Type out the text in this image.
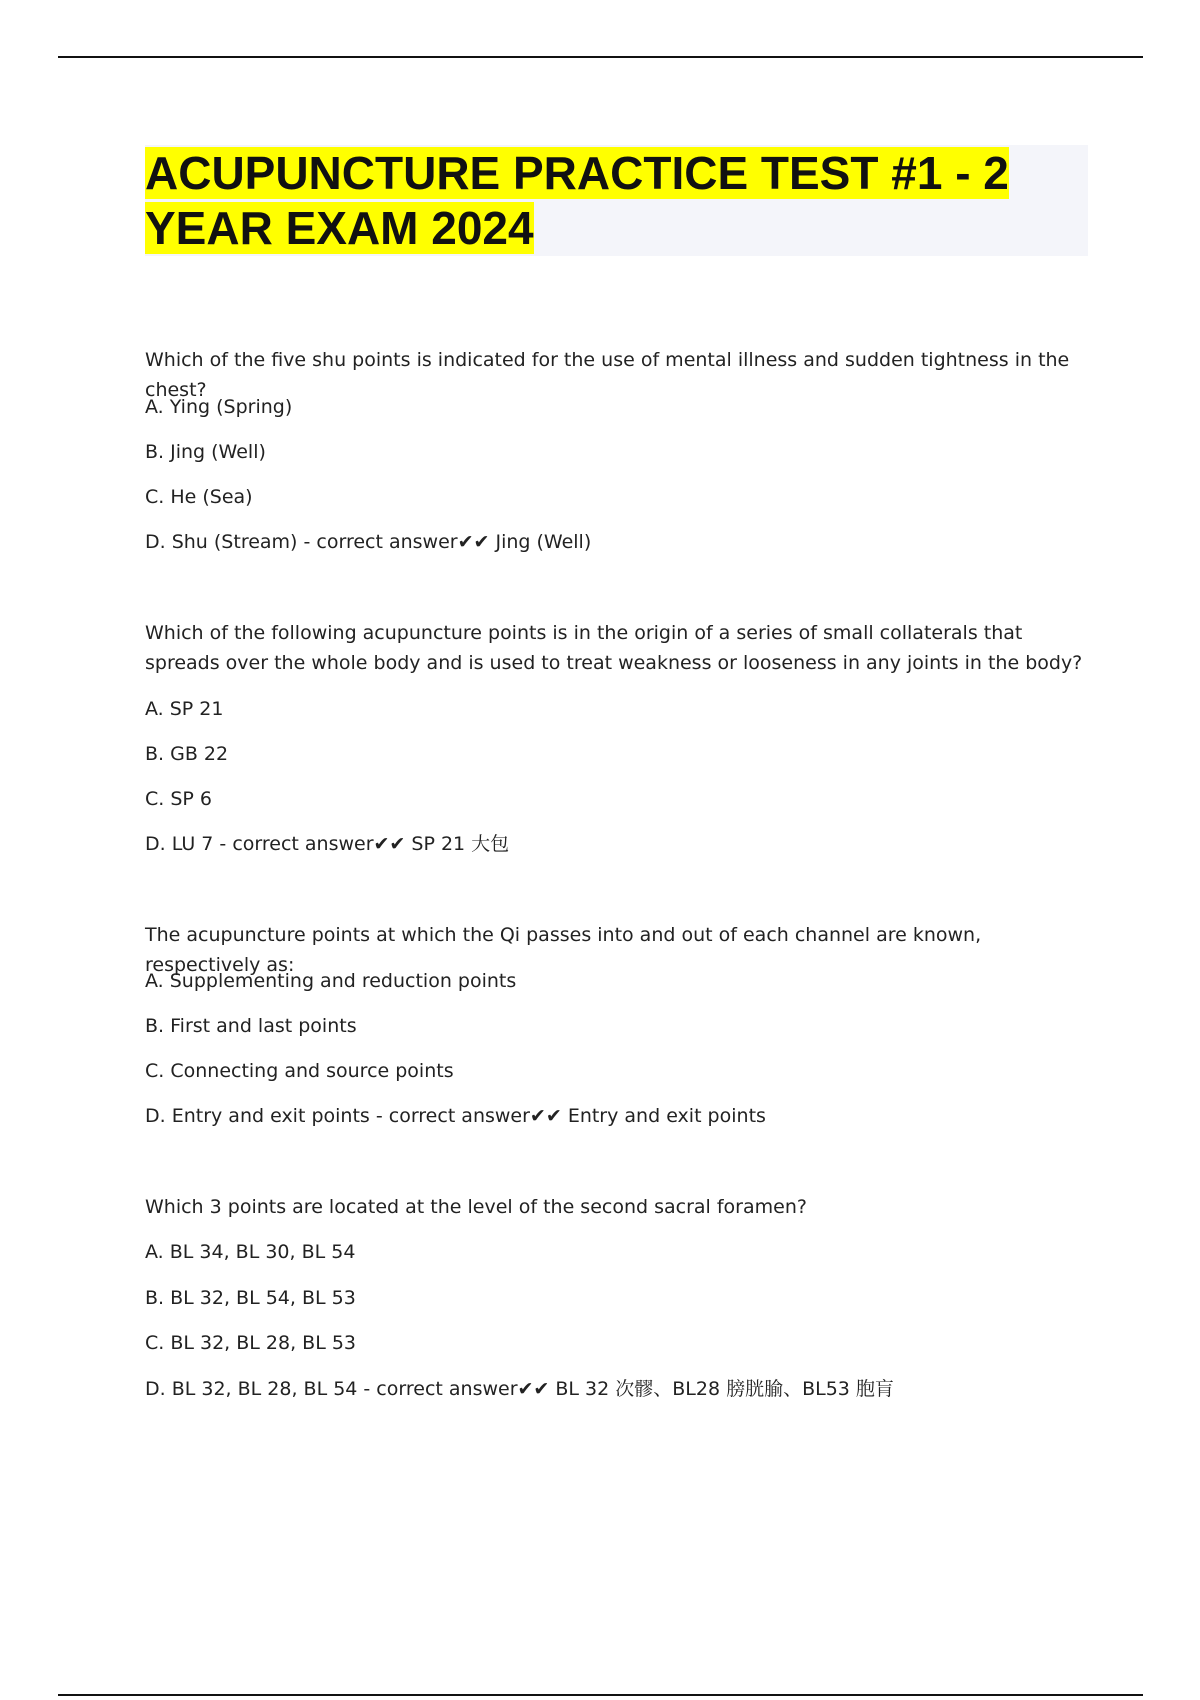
ACUPUNCTURE PRACTICE TEST #1 - 2
YEAR EXAM 2024

Which of the five shu points is indicated for the use of mental illness and sudden tightness in the chest?

A. Ying (Spring)

B. Jing (Well)

C. He (Sea)

D. Shu (Stream) - correct answer✔✔ Jing (Well)

Which of the following acupuncture points is in the origin of a series of small collaterals that spreads over the whole body and is used to treat weakness or looseness in any joints in the body?

A. SP 21

B. GB 22

C. SP 6

D. LU 7 - correct answer✔✔ SP 21 大包

The acupuncture points at which the Qi passes into and out of each channel are known, respectively as:

A. Supplementing and reduction points

B. First and last points

C. Connecting and source points

D. Entry and exit points - correct answer✔✔ Entry and exit points

Which 3 points are located at the level of the second sacral foramen?

A. BL 34, BL 30, BL 54

B. BL 32, BL 54, BL 53

C. BL 32, BL 28, BL 53

D. BL 32, BL 28, BL 54 - correct answer✔✔ BL 32 次髎、BL28 膀胱腧、BL53 胞肓
